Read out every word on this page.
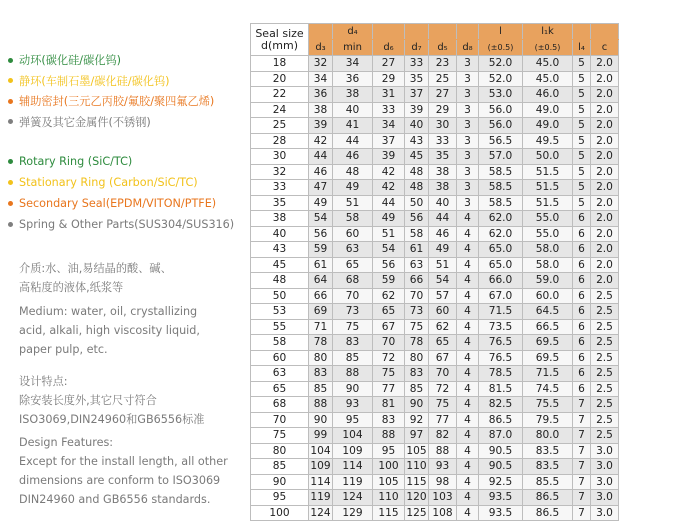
动环(碳化硅/碳化钨)
静环(车制石墨/碳化硅/碳化钨)
辅助密封(三元乙丙胶/氟胶/聚四氟乙烯)
弹簧及其它金属件(不锈钢)
Rotary Ring (SiC/TC)
Stationary Ring (Carbon/SiC/TC)
Secondary Seal(EPDM/VITON/PTFE)
Spring & Other Parts(SUS304/SUS316)
介质:水、油,易结晶的酸、碱、
高粘度的液体,纸浆等
Medium: water, oil, crystallizing
acid, alkali, high viscosity liquid,
paper pulp, etc.
设计特点:
除安装长度外,其它尺寸符合
ISO3069,DIN24960和GB6556标准
Design Features:
Except for the install length, all other
dimensions are conform to ISO3069
DIN24960 and GB6556 standards.
Seal size
d(mm)		d₄					l	l₁k		
	d₃	min	d₆	d₇	d₅	d₈	(±0.5)	(±0.5)	l₄	c
18	32	34	27	33	23	3	52.0	45.0	5	2.0
20	34	36	29	35	25	3	52.0	45.0	5	2.0
22	36	38	31	37	27	3	53.0	46.0	5	2.0
24	38	40	33	39	29	3	56.0	49.0	5	2.0
25	39	41	34	40	30	3	56.0	49.0	5	2.0
28	42	44	37	43	33	3	56.5	49.5	5	2.0
30	44	46	39	45	35	3	57.0	50.0	5	2.0
32	46	48	42	48	38	3	58.5	51.5	5	2.0
33	47	49	42	48	38	3	58.5	51.5	5	2.0
35	49	51	44	50	40	3	58.5	51.5	5	2.0
38	54	58	49	56	44	4	62.0	55.0	6	2.0
40	56	60	51	58	46	4	62.0	55.0	6	2.0
43	59	63	54	61	49	4	65.0	58.0	6	2.0
45	61	65	56	63	51	4	65.0	58.0	6	2.0
48	64	68	59	66	54	4	66.0	59.0	6	2.0
50	66	70	62	70	57	4	67.0	60.0	6	2.5
53	69	73	65	73	60	4	71.5	64.5	6	2.5
55	71	75	67	75	62	4	73.5	66.5	6	2.5
58	78	83	70	78	65	4	76.5	69.5	6	2.5
60	80	85	72	80	67	4	76.5	69.5	6	2.5
63	83	88	75	83	70	4	78.5	71.5	6	2.5
65	85	90	77	85	72	4	81.5	74.5	6	2.5
68	88	93	81	90	75	4	82.5	75.5	7	2.5
70	90	95	83	92	77	4	86.5	79.5	7	2.5
75	99	104	88	97	82	4	87.0	80.0	7	2.5
80	104	109	95	105	88	4	90.5	83.5	7	3.0
85	109	114	100	110	93	4	90.5	83.5	7	3.0
90	114	119	105	115	98	4	92.5	85.5	7	3.0
95	119	124	110	120	103	4	93.5	86.5	7	3.0
100	124	129	115	125	108	4	93.5	86.5	7	3.0
